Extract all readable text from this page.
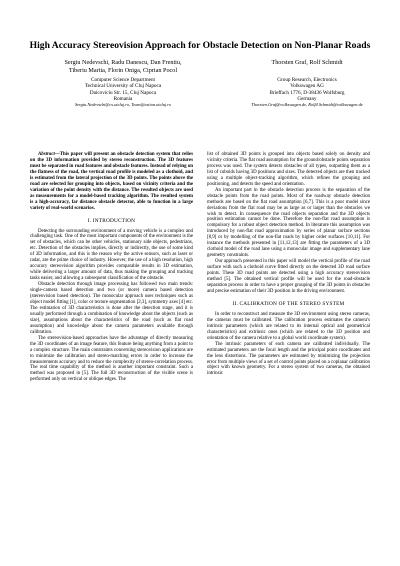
High Accuracy Stereovision Approach for Obstacle Detection on Non-Planar Roads
Sergiu Nedevschi, Radu Danescu, Dan Frentiu,
Tiberiu Marita, Florin Oniga, Ciprian Pocol
Computer Science Department
Technical University of Cluj Napoca
Daicoviciu Str. 15, Cluj Napoca
Romania
Sergiu.Nedevschi@cs.utcluj.ro, Team@cstion.utcluj.ro
Thorsten Graf, Rolf Schmidt

Group Research, Electronics
Volkswagen AG
Brieffach 1776, D-38436 Wolfsburg
Germany
Thorsten.Graf@volkswagen.de, Rolf4.Schmidt@volkswagen.de

Abstract—This paper will present an obstacle detection system that relies on the 3D information provided by stereo reconstruction. The 3D features must be separated in road features and obstacle features. Instead of relying on the flatness of the road, the vertical road profile is modeled as a clothoid, and is estimated from the lateral projection of the 3D points. The points above the road are selected for grouping into objects, based on vicinity criteria and the variation of the point density with the distance. The resulted objects are used as measurements for a model-based tracking algorithm. The resulted system is a high-accuracy, far distance obstacle detector, able to function in a large variety of real-world scenarios.

I. INTRODUCTION

Detecting the surrounding environment of a moving vehicle is a complex and challenging task. One of the most important components of the environment is the set of obstacles, which can be other vehicles, stationary side objects, pedestrians, etc. Detection of the obstacles implies, directly or indirectly, the use of some kind of 3D information, and this is the reason why the active sensors, such as laser or radar, are the prime choice of industry. However, the use of a high resolution, high accuracy stereovision algorithm provides comparable results in 3D estimation, while delivering a larger amount of data, thus making the grouping and tracking tasks easier, and allowing a subsequent classification of the obstacle.

Obstacle detection through image processing has followed two main trends: single-camera based detection and two (or more) camera based detection (stereovision based detection). The monocular approach uses techniques such as object model fitting [1], color or texture segmentation [2,3], symmetry axes [4] etc. The estimation of 3D characteristics is done after the detection stage, and it is usually performed through a combination of knowledge about the objects (such as size), assumptions about the characteristics of the road (such as flat road assumption) and knowledge about the camera parameters available through calibration.

The stereovision-based approaches have the advantage of directly measuring the 3D coordinates of an image feature, this feature being anything from a point to a complex structure. The main constraints concerning stereovision applications are to minimize the calibration and stereo-matching errors in order to increase the measurements accuracy and to reduce the complexity of stereo-correlation process. The real time capability of the method is another important constraint. Such a method was proposed in [5]. The full 3D reconstruction of the visible scene is performed only on vertical or oblique edges. The

list of obtained 3D points is grouped into objects based solely on density and vicinity criteria. The flat road assumption for the ground/obstacle points separation process was used. The system detects obstacles of all types, outputting them as a list of cuboids having 3D positions and sizes. The detected objects are then tracked using a multiple object-tracking algorithm, which refines the grouping and positioning, and detects the speed and orientation.

An important part in the obstacle detection process is the separation of the obstacle points from the road points. Most of the roadway obstacle detection methods are based on the flat road assumption [6,7]. This is a poor model since deviations from the flat road may be as large as or larger than the obstacles we wish to detect. In consequence the road objects separation and the 3D objects position estimation cannot be done. Therefore the non-flat road assumption is compulsory for a robust object detection method. In literature this assumption was introduced by non-flat road approximation by series of planar surface sections [8,9] or by modelling of the non-flat roads by higher order surfaces [10,11]. For instance the methods presented in [11,12,13] are fitting the parameters of a 3D clothoid model of the road lane using a monocular image and supplementary lane geometry constraints.

Our approach presented in this paper will model the vertical profile of the road surface with such a clothoid curve fitted directly on the detected 3D road surface points. These 3D road points are detected using a high accuracy stereovision method [5]. The obtained vertical profile will be used for the road-obstacle separation process in order to have a proper grouping of the 3D points in obstacles and precise estimation of their 3D position in the driving environment.

II. CALIBRATION OF THE STEREO SYSTEM

In order to reconstruct and measure the 3D environment using stereo cameras, the cameras must be calibrated. The calibration process estimates the camera's intrinsic parameters (which are related to its internal optical and geometrical characteristics) and extrinsic ones (which are related to the 3D position and orientation of the camera relative to a global world coordinate system).

The intrinsic parameters of each camera are calibrated individually. The estimated parameters are the focal length and the principal point coordinates and the lens distortions. The parameters are estimated by minimizing the projection error from multiple views of a set of control points placed on a coplanar calibration object with known geometry. For a stereo system of two cameras, the obtained intrinsic
